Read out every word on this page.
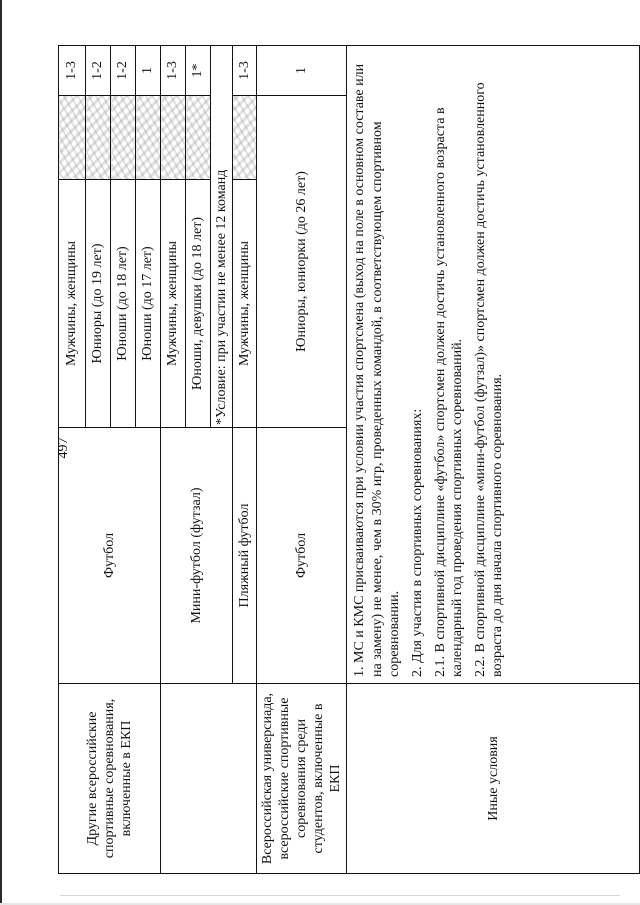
497
Другие всероссийские спортивные соревнования, включенные в ЕКП	Футбол	Мужчины, женщины		1-3
		Юниоры (до 19 лет)		1-2
		Юноши (до 18 лет)		1-2
		Юноши (до 17 лет)		1
	Мини-футбол (футзал)	Мужчины, женщины		1-3
		Юноши, девушки (до 18 лет)		1*
		*Условие: при участии не менее 12 команд		
	Пляжный футбол	Мужчины, женщины		1-3
Всероссийская универсиада, всероссийские спортивные соревнования среди студентов, включенные в ЕКП	Футбол	Юниоры, юниорки (до 26 лет)		1
Иные условия	1. МС и КМС присваиваются при условии участия спортсмена (выход на поле в основном составе или на замену) не менее, чем в 30% игр, проведенных командой, в соответствующем спортивном соревновании. 2. Для участия в спортивных соревнованиях: 2.1. В спортивной дисциплине «футбол» спортсмен должен достичь установленного возраста в календарный год проведения спортивных соревнований. 2.2. В спортивной дисциплине «мини-футбол (футзал)» спортсмен должен достичь установленного возраста до дня начала спортивного соревнования.			
